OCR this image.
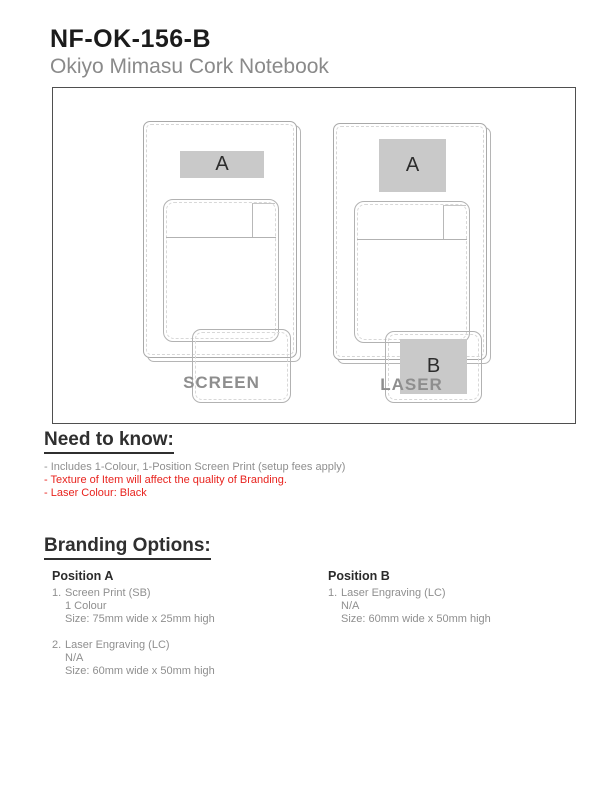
NF-OK-156-B
Okiyo Mimasu Cork Notebook
A
SCREEN
A
B
LASER
Need to know:
- Includes 1-Colour, 1-Position Screen Print (setup fees apply)
- Texture of Item will affect the quality of Branding.
- Laser Colour: Black
Branding Options:

Position A

1. Screen Print (SB)
1 Colour
Size: 75mm wide x 25mm high
2. Laser Engraving (LC)
N/A
Size: 60mm wide x 50mm high

Position B

1. Laser Engraving (LC)
N/A
Size: 60mm wide x 50mm high
